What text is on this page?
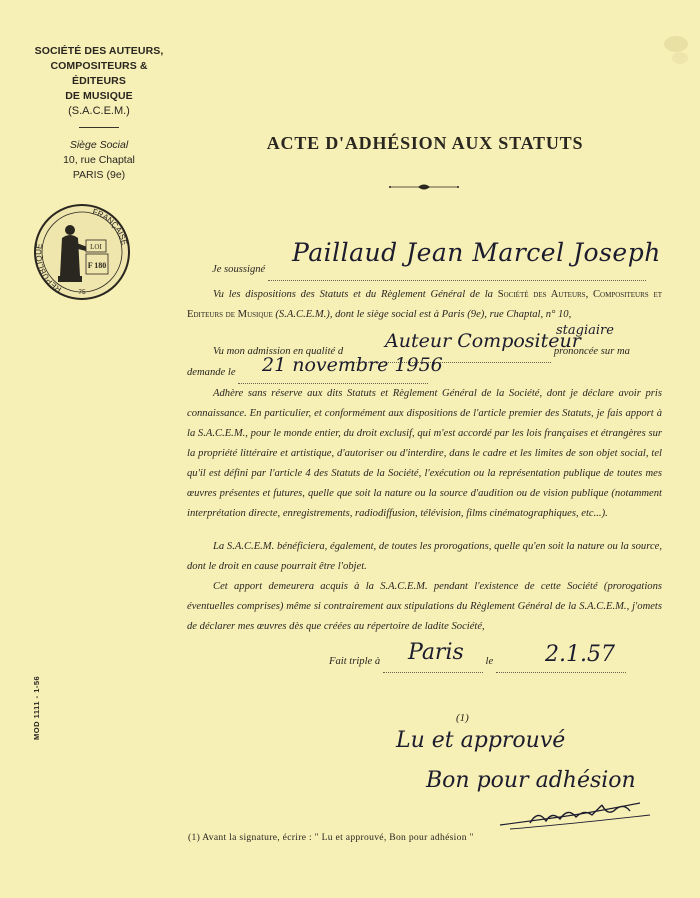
SOCIÉTÉ DES AUTEURS,
COMPOSITEURS & ÉDITEURS
DE MUSIQUE
(S.A.C.E.M.)
Siège Social
10, rue Chaptal
PARIS (9e)
RÉPUBLIQUE
FRANÇAISE
LOI
F 180
75
MOD 1111 - 1-56
ACTE D'ADHÉSION AUX STATUTS

Je soussigné

Vu les dispositions des Statuts et du Règlement Général de la Société des Auteurs, Compositeurs et Editeurs de Musique (S.A.C.E.M.), dont le siège social est à Paris (9e), rue Chaptal, n° 10,

Vu mon admission en qualité d	prononcée sur ma

demande le

Adhère sans réserve aux dits Statuts et Règlement Général de la Société, dont je déclare avoir pris connaissance. En particulier, et conformément aux dispositions de l'article premier des Statuts, je fais apport à la S.A.C.E.M., pour le monde entier, du droit exclusif, qui m'est accordé par les lois françaises et étrangères sur la propriété littéraire et artistique, d'autoriser ou d'interdire, dans le cadre et les limites de son objet social, tel qu'il est défini par l'article 4 des Statuts de la Société, l'exécution ou la représentation publique de toutes mes œuvres présentes et futures, quelle que soit la nature ou la source d'audition ou de vision publique (notamment interprétation directe, enregistrements, radiodiffusion, télévision, films cinématographiques, etc...).

La S.A.C.E.M. bénéficiera, également, de toutes les prorogations, quelle qu'en soit la nature ou la source, dont le droit en cause pourrait être l'objet.

Cet apport demeurera acquis à la S.A.C.E.M. pendant l'existence de cette Société (prorogations éventuelles comprises) même si contrairement aux stipulations du Règlement Général de la S.A.C.E.M., j'omets de déclarer mes œuvres dès que créées au répertoire de ladite Société,

Fait triple à	le

(1)
Paillaud Jean Marcel Joseph
Auteur Compositeur
stagiaire
21 novembre 1956
Paris	2.1.57
Lu et approuvé
Bon pour adhésion
(1) Avant la signature, écrire : " Lu et approuvé, Bon pour adhésion "
